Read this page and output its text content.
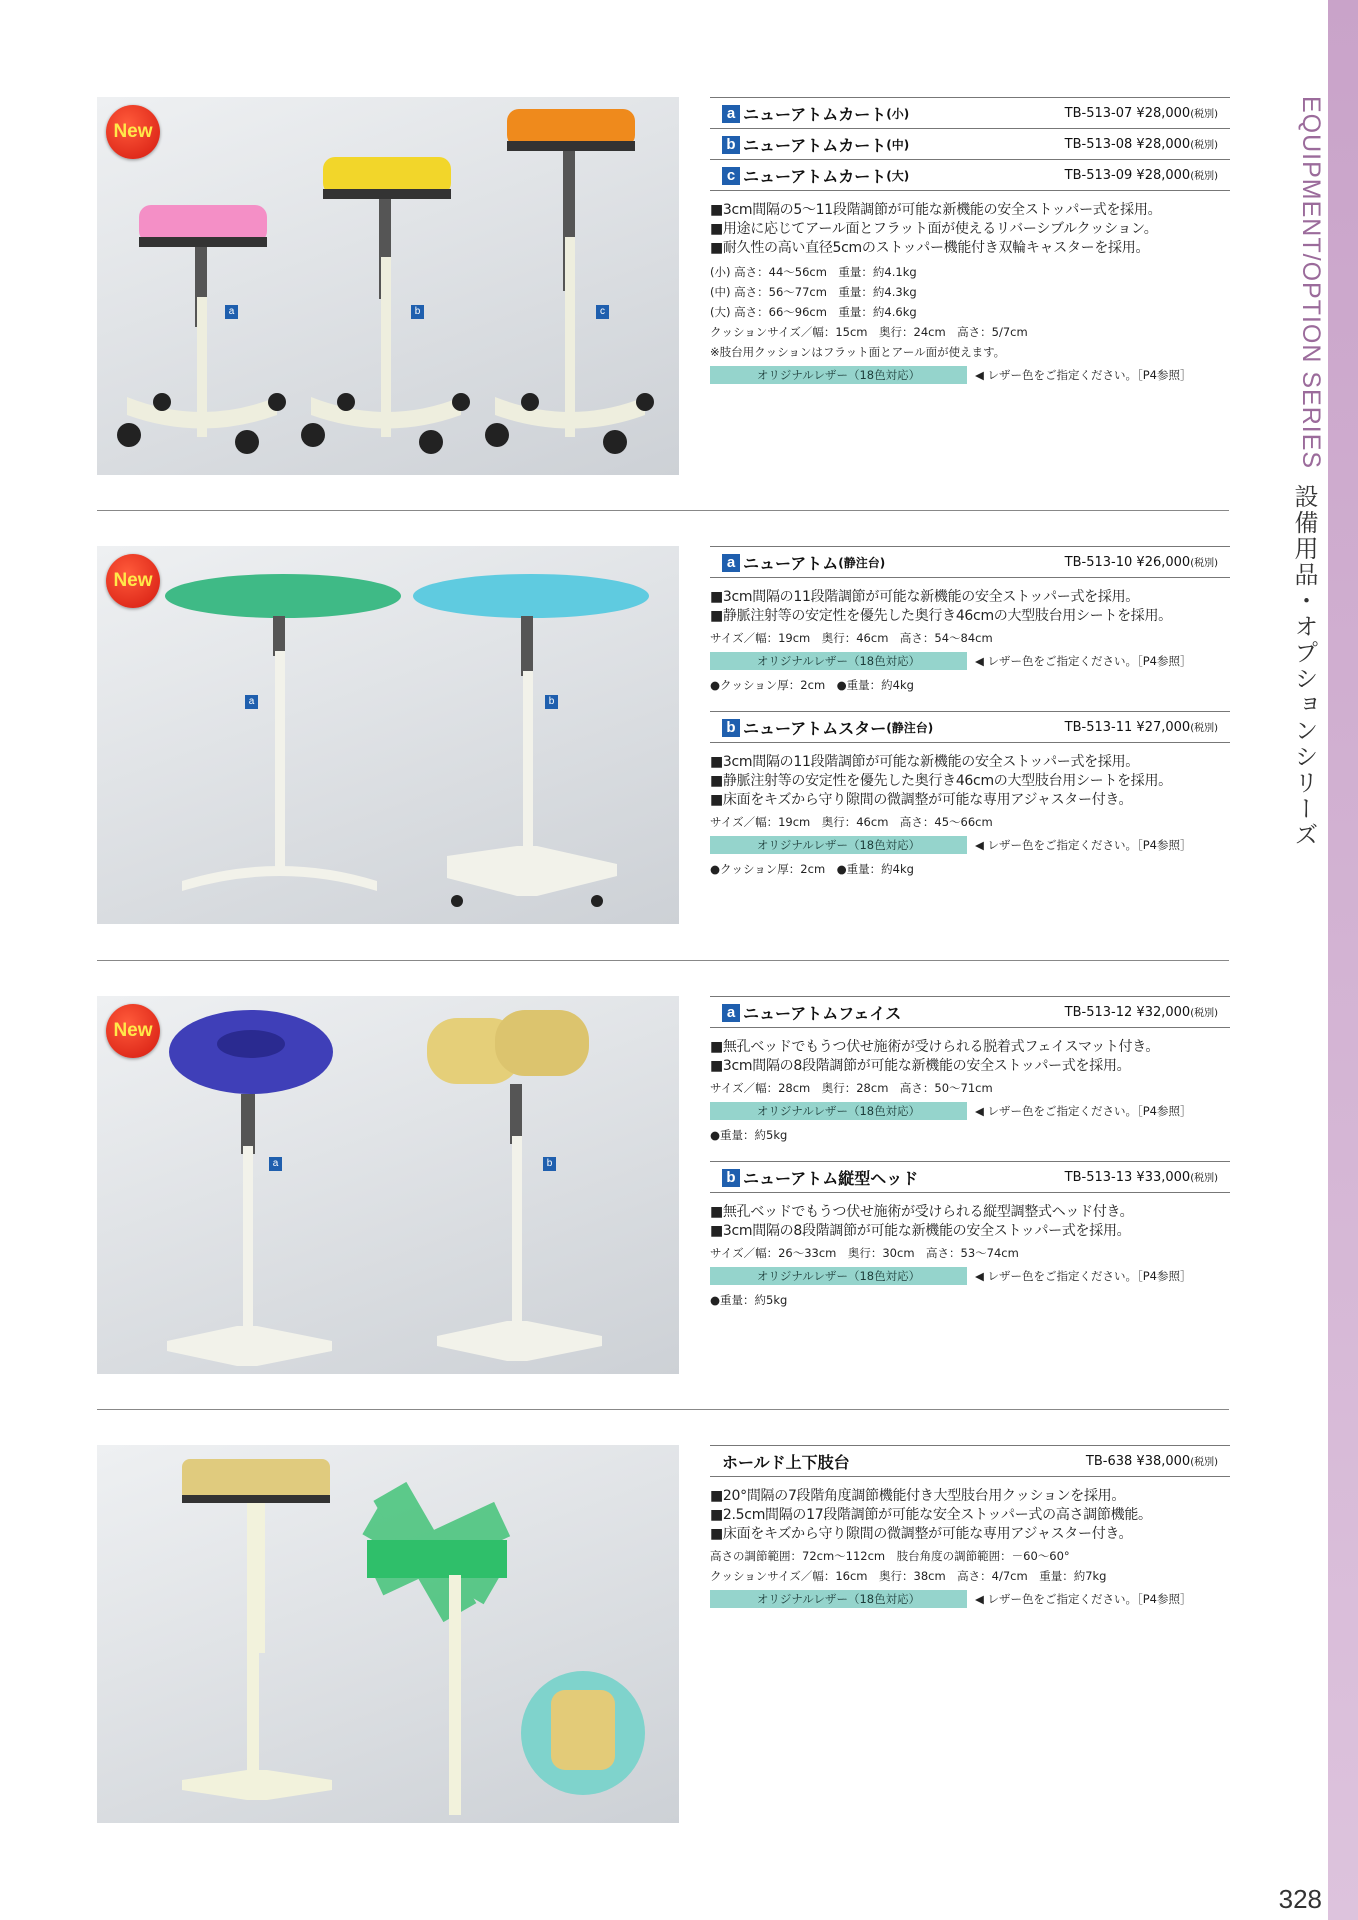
EQUIPMENT/OPTION SERIES
設備用品・オプションシリーズ
328
New
a	b	c
a ニューアトムカート (小)	TB-513-07 ¥28,000(税別)
b ニューアトムカート (中)	TB-513-08 ¥28,000(税別)
c ニューアトムカート (大)	TB-513-09 ¥28,000(税別)
■3cm間隔の5～11段階調節が可能な新機能の安全ストッパー式を採用。
■用途に応じてアール面とフラット面が使えるリバーシブルクッション。
■耐久性の高い直径5cmのストッパー機能付き双輪キャスターを採用。
(小) 高さ：44～56cm　重量：約4.1kg
(中) 高さ：56～77cm　重量：約4.3kg
(大) 高さ：66～96cm　重量：約4.6kg
クッションサイズ／幅：15cm　奥行：24cm　高さ：5/7cm
※肢台用クッションはフラット面とアール面が使えます。
オリジナルレザー（18色対応）	◀ レザー色をご指定ください。［P4参照］
New
a	b
a ニューアトム (静注台)	TB-513-10 ¥26,000(税別)
■3cm間隔の11段階調節が可能な新機能の安全ストッパー式を採用。
■静脈注射等の安定性を優先した奥行き46cmの大型肢台用シートを採用。
サイズ／幅：19cm　奥行：46cm　高さ：54～84cm
オリジナルレザー（18色対応）	◀ レザー色をご指定ください。［P4参照］
●クッション厚：2cm　●重量：約4kg
b ニューアトムスター (静注台)	TB-513-11 ¥27,000(税別)
■3cm間隔の11段階調節が可能な新機能の安全ストッパー式を採用。
■静脈注射等の安定性を優先した奥行き46cmの大型肢台用シートを採用。
■床面をキズから守り隙間の微調整が可能な専用アジャスター付き。
サイズ／幅：19cm　奥行：46cm　高さ：45～66cm
オリジナルレザー（18色対応）	◀ レザー色をご指定ください。［P4参照］
●クッション厚：2cm　●重量：約4kg
New
a	b
a ニューアトムフェイス	TB-513-12 ¥32,000(税別)
■無孔ベッドでもうつ伏せ施術が受けられる脱着式フェイスマット付き。
■3cm間隔の8段階調節が可能な新機能の安全ストッパー式を採用。
サイズ／幅：28cm　奥行：28cm　高さ：50～71cm
オリジナルレザー（18色対応）	◀ レザー色をご指定ください。［P4参照］
●重量：約5kg
b ニューアトム縦型ヘッド	TB-513-13 ¥33,000(税別)
■無孔ベッドでもうつ伏せ施術が受けられる縦型調整式ヘッド付き。
■3cm間隔の8段階調節が可能な新機能の安全ストッパー式を採用。
サイズ／幅：26～33cm　奥行：30cm　高さ：53～74cm
オリジナルレザー（18色対応）	◀ レザー色をご指定ください。［P4参照］
●重量：約5kg
ホールド上下肢台	TB-638 ¥38,000(税別)
■20°間隔の7段階角度調節機能付き大型肢台用クッションを採用。
■2.5cm間隔の17段階調節が可能な安全ストッパー式の高さ調節機能。
■床面をキズから守り隙間の微調整が可能な専用アジャスター付き。
高さの調節範囲：72cm～112cm　肢台角度の調節範囲：－60～60°
クッションサイズ／幅：16cm　奥行：38cm　高さ：4/7cm　重量：約7kg
オリジナルレザー（18色対応）	◀ レザー色をご指定ください。［P4参照］
